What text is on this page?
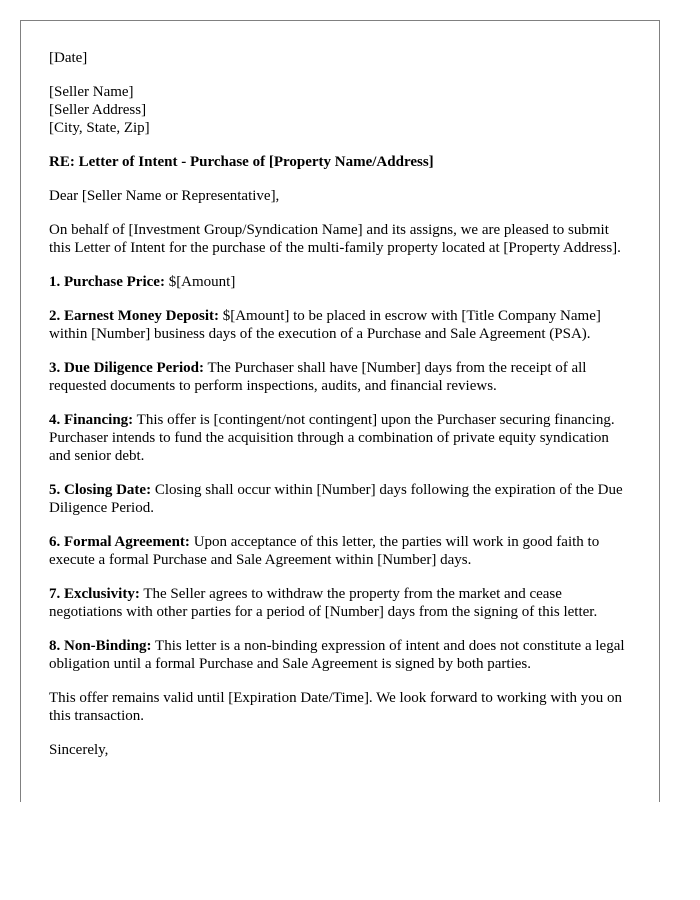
[Date]
[Seller Name]
[Seller Address]
[City, State, Zip]
RE: Letter of Intent - Purchase of [Property Name/Address]
Dear [Seller Name or Representative],
On behalf of [Investment Group/Syndication Name] and its assigns, we are pleased to submit this Letter of Intent for the purchase of the multi-family property located at [Property Address].
1. Purchase Price: $[Amount]
2. Earnest Money Deposit: $[Amount] to be placed in escrow with [Title Company Name] within [Number] business days of the execution of a Purchase and Sale Agreement (PSA).
3. Due Diligence Period: The Purchaser shall have [Number] days from the receipt of all requested documents to perform inspections, audits, and financial reviews.
4. Financing: This offer is [contingent/not contingent] upon the Purchaser securing financing. Purchaser intends to fund the acquisition through a combination of private equity syndication and senior debt.
5. Closing Date: Closing shall occur within [Number] days following the expiration of the Due Diligence Period.
6. Formal Agreement: Upon acceptance of this letter, the parties will work in good faith to execute a formal Purchase and Sale Agreement within [Number] days.
7. Exclusivity: The Seller agrees to withdraw the property from the market and cease negotiations with other parties for a period of [Number] days from the signing of this letter.
8. Non-Binding: This letter is a non-binding expression of intent and does not constitute a legal obligation until a formal Purchase and Sale Agreement is signed by both parties.
This offer remains valid until [Expiration Date/Time]. We look forward to working with you on this transaction.
Sincerely,
